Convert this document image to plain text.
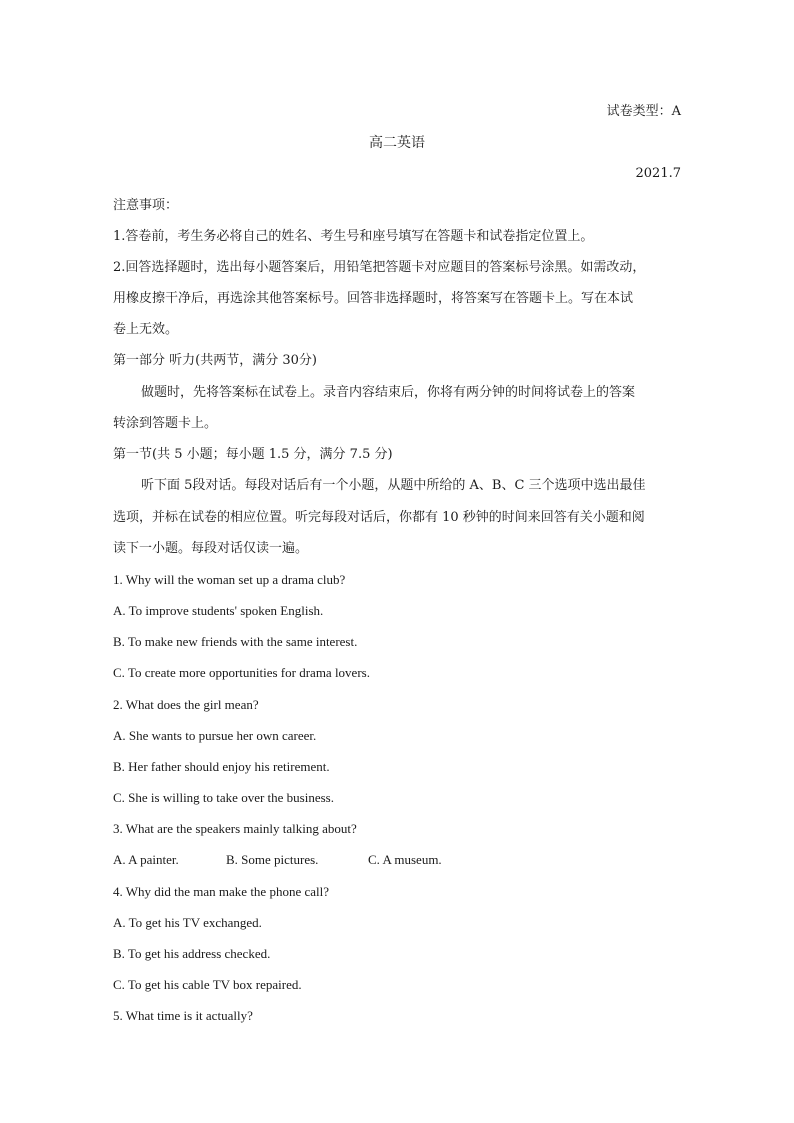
试卷类型：A
高二英语
2021.7
注意事项：
1.答卷前，考生务必将自己的姓名、考生号和座号填写在答题卡和试卷指定位置上。
2.回答选择题时，选出每小题答案后，用铅笔把答题卡对应题目的答案标号涂黑。如需改动，
用橡皮擦干净后，再选涂其他答案标号。回答非选择题时，将答案写在答题卡上。写在本试
卷上无效。
第一部分 听力(共两节，满分 30分)
做题时，先将答案标在试卷上。录音内容结束后，你将有两分钟的时间将试卷上的答案
转涂到答题卡上。
第一节(共 5 小题；每小题 1.5 分，满分 7.5 分)
听下面 5段对话。每段对话后有一个小题，从题中所给的 A、B、C 三个选项中选出最佳
选项，并标在试卷的相应位置。听完每段对话后，你都有 10 秒钟的时间来回答有关小题和阅
读下一小题。每段对话仅读一遍。
1. Why will the woman set up a drama club?
A. To improve students' spoken English.
B. To make new friends with the same interest.
C. To create more opportunities for drama lovers.
2. What does the girl mean?
A. She wants to pursue her own career.
B. Her father should enjoy his retirement.
C. She is willing to take over the business.
3. What are the speakers mainly talking about?
A. A painter.	B. Some pictures.	C. A museum.
4. Why did the man make the phone call?
A. To get his TV exchanged.
B. To get his address checked.
C. To get his cable TV box repaired.
5. What time is it actually?
